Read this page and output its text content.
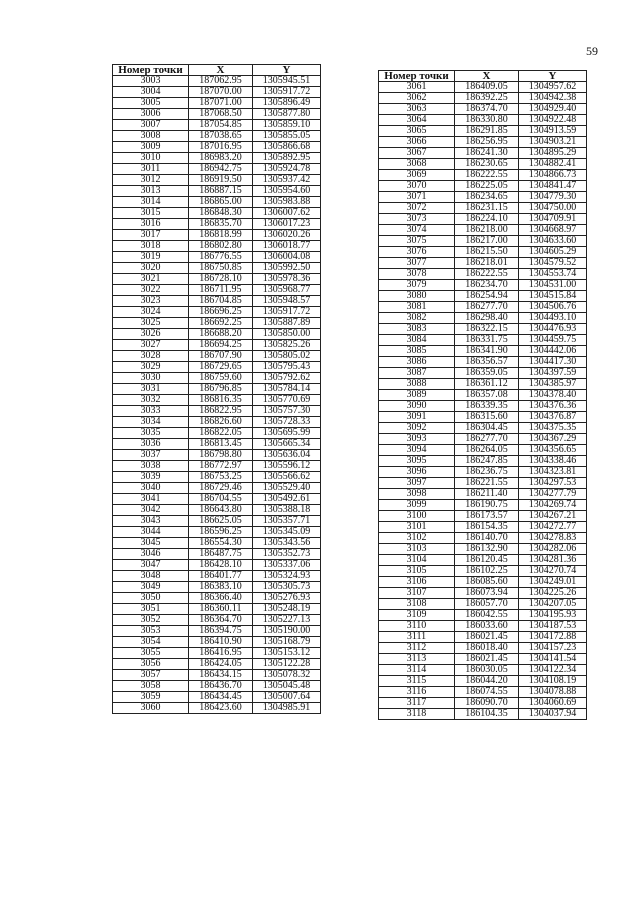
59
Номер точки	X	Y
3003	187062.95	1305945.51
3004	187070.00	1305917.72
3005	187071.00	1305896.49
3006	187068.50	1305877.80
3007	187054.85	1305859.10
3008	187038.65	1305855.05
3009	187016.95	1305866.68
3010	186983.20	1305892.95
3011	186942.75	1305924.78
3012	186919.50	1305937.42
3013	186887.15	1305954.60
3014	186865.00	1305983.88
3015	186848.30	1306007.62
3016	186835.70	1306017.23
3017	186818.99	1306020.26
3018	186802.80	1306018.77
3019	186776.55	1306004.08
3020	186750.85	1305992.50
3021	186728.10	1305978.36
3022	186711.95	1305968.77
3023	186704.85	1305948.57
3024	186696.25	1305917.72
3025	186692.25	1305887.89
3026	186688.20	1305850.00
3027	186694.25	1305825.26
3028	186707.90	1305805.02
3029	186729.65	1305795.43
3030	186759.60	1305792.62
3031	186796.85	1305784.14
3032	186816.35	1305770.69
3033	186822.95	1305757.30
3034	186826.60	1305728.33
3035	186822.05	1305695.99
3036	186813.45	1305665.34
3037	186798.80	1305636.04
3038	186772.97	1305596.12
3039	186753.25	1305566.62
3040	186729.46	1305529.40
3041	186704.55	1305492.61
3042	186643.80	1305388.18
3043	186625.05	1305357.71
3044	186596.25	1305345.09
3045	186554.30	1305343.56
3046	186487.75	1305352.73
3047	186428.10	1305337.06
3048	186401.77	1305324.93
3049	186383.10	1305305.73
3050	186366.40	1305276.93
3051	186360.11	1305248.19
3052	186364.70	1305227.13
3053	186394.75	1305190.00
3054	186410.90	1305168.79
3055	186416.95	1305153.12
3056	186424.05	1305122.28
3057	186434.15	1305078.32
3058	186436.70	1305045.48
3059	186434.45	1305007.64
3060	186423.60	1304985.91
Номер точки	X	Y
3061	186409.05	1304957.62
3062	186392.25	1304942.38
3063	186374.70	1304929.40
3064	186330.80	1304922.48
3065	186291.85	1304913.59
3066	186256.95	1304903.21
3067	186241.30	1304895.29
3068	186230.65	1304882.41
3069	186222.55	1304866.73
3070	186225.05	1304841.47
3071	186234.65	1304779.30
3072	186231.15	1304750.00
3073	186224.10	1304709.91
3074	186218.00	1304668.97
3075	186217.00	1304633.60
3076	186215.50	1304605.29
3077	186218.01	1304579.52
3078	186222.55	1304553.74
3079	186234.70	1304531.00
3080	186254.94	1304515.84
3081	186277.70	1304506.76
3082	186298.40	1304493.10
3083	186322.15	1304476.93
3084	186331.75	1304459.75
3085	186341.90	1304442.06
3086	186356.57	1304417.30
3087	186359.05	1304397.59
3088	186361.12	1304385.97
3089	186357.08	1304378.40
3090	186339.35	1304376.36
3091	186315.60	1304376.87
3092	186304.45	1304375.35
3093	186277.70	1304367.29
3094	186264.05	1304356.65
3095	186247.85	1304338.46
3096	186236.75	1304323.81
3097	186221.55	1304297.53
3098	186211.40	1304277.79
3099	186190.75	1304269.74
3100	186173.57	1304267.21
3101	186154.35	1304272.77
3102	186140.70	1304278.83
3103	186132.90	1304282.06
3104	186120.45	1304281.36
3105	186102.25	1304270.74
3106	186085.60	1304249.01
3107	186073.94	1304225.26
3108	186057.70	1304207.05
3109	186042.55	1304195.93
3110	186033.60	1304187.53
3111	186021.45	1304172.88
3112	186018.40	1304157.23
3113	186021.45	1304141.54
3114	186030.05	1304122.34
3115	186044.20	1304108.19
3116	186074.55	1304078.88
3117	186090.70	1304060.69
3118	186104.35	1304037.94
